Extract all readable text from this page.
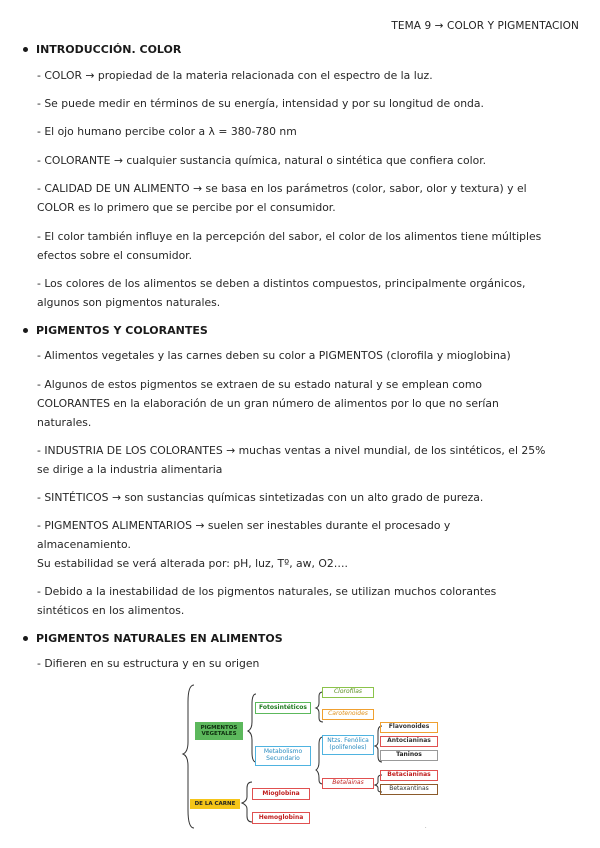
TEMA 9 → COLOR Y PIGMENTACION
INTRODUCCIÓN. COLOR
- COLOR → propiedad de la materia relacionada con el espectro de la luz.
- Se puede medir en términos de su energía, intensidad y por su longitud de onda.
- El ojo humano percibe color a λ = 380-780 nm
- COLORANTE → cualquier sustancia química, natural o sintética que confiera color.
- CALIDAD DE UN ALIMENTO → se basa en los parámetros (color, sabor, olor y textura) y el
COLOR es lo primero que se percibe por el consumidor.
- El color también influye en la percepción del sabor, el color de los alimentos tiene múltiples
efectos sobre el consumidor.
- Los colores de los alimentos se deben a distintos compuestos, principalmente orgánicos,
algunos son pigmentos naturales.
PIGMENTOS Y COLORANTES
- Alimentos vegetales y las carnes deben su color a PIGMENTOS (clorofila y mioglobina)
- Algunos de estos pigmentos se extraen de su estado natural y se emplean como
COLORANTES en la elaboración de un gran número de alimentos por lo que no serían
naturales.
- INDUSTRIA DE LOS COLORANTES → muchas ventas a nivel mundial, de los sintéticos, el 25%
se dirige a la industria alimentaria
- SINTÉTICOS → son sustancias químicas sintetizadas con un alto grado de pureza.
- PIGMENTOS ALIMENTARIOS → suelen ser inestables durante el procesado y
almacenamiento.
Su estabilidad se verá alterada por: pH, luz, Tº, aw, O2….
- Debido a la inestabilidad de los pigmentos naturales, se utilizan muchos colorantes
sintéticos en los alimentos.
PIGMENTOS NATURALES EN ALIMENTOS
- Difieren en su estructura y en su origen
.
PIGMENTOS
VEGETALES
DE LA CARNE
Fotosintéticos
Metabolismo
Secundario
Clorofilas
Carotenoides
Ntzs. Fenólica
(polifenoles)
Betalainas
Flavonoides
Antocianinas
Taninos
Betacianinas
Betaxantinas
Mioglobina
Hemoglobina
